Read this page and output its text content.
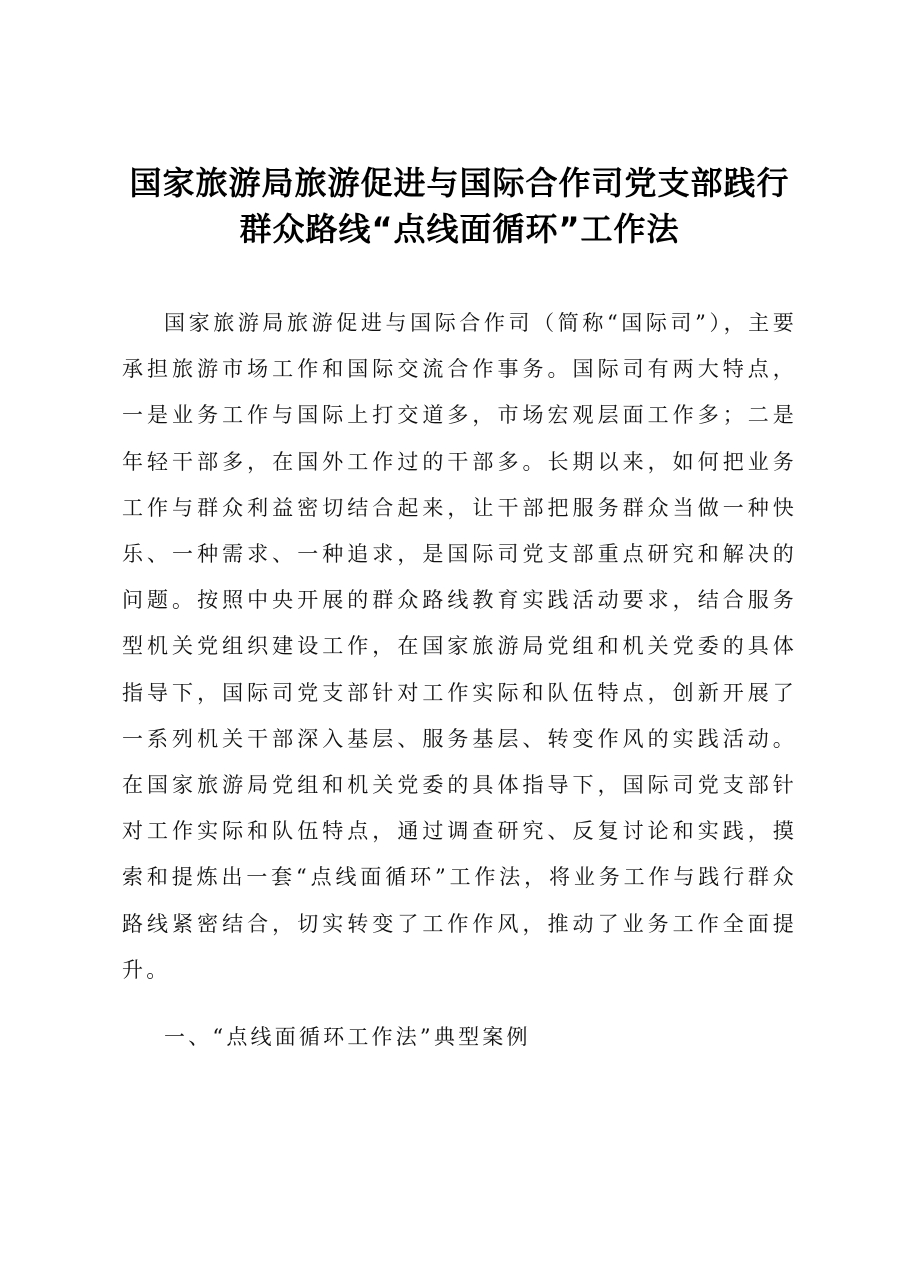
国家旅游局旅游促进与国际合作司党支部践行
群众路线“点线面循环”工作法

国家旅游局旅游促进与国际合作司（简称“国际司”），主要承担旅游市场工作和国际交流合作事务。国际司有两大特点，一是业务工作与国际上打交道多，市场宏观层面工作多；二是年轻干部多，在国外工作过的干部多。长期以来，如何把业务工作与群众利益密切结合起来，让干部把服务群众当做一种快乐、一种需求、一种追求，是国际司党支部重点研究和解决的问题。按照中央开展的群众路线教育实践活动要求，结合服务型机关党组织建设工作，在国家旅游局党组和机关党委的具体指导下，国际司党支部针对工作实际和队伍特点，创新开展了一系列机关干部深入基层、服务基层、转变作风的实践活动。在国家旅游局党组和机关党委的具体指导下，国际司党支部针对工作实际和队伍特点，通过调查研究、反复讨论和实践，摸索和提炼出一套“点线面循环”工作法，将业务工作与践行群众路线紧密结合，切实转变了工作作风，推动了业务工作全面提升。

一、“点线面循环工作法”典型案例
